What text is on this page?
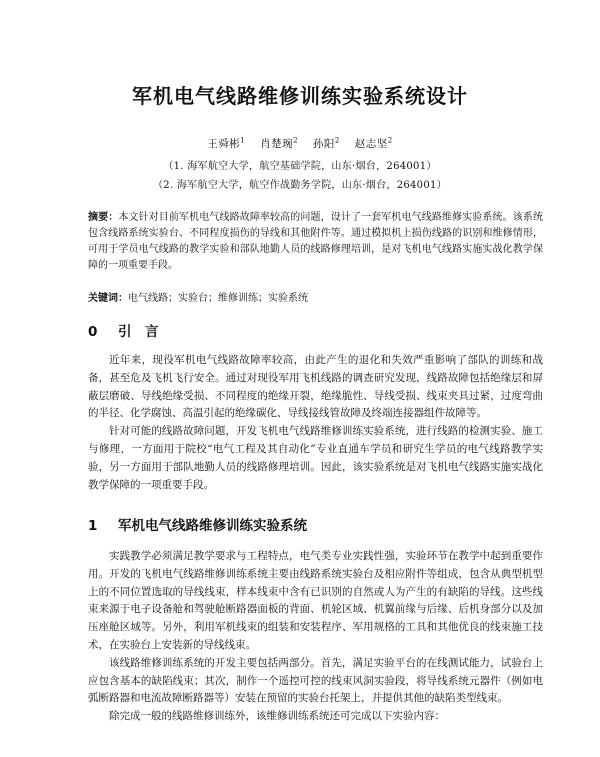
军机电气线路维修训练实验系统设计
王舜彬$^1$　 肖楚琬$^2$　 孙阳$^2$　 赵志坚$^2$
（1. 海军航空大学，航空基础学院，山东·烟台，264001）
（2. 海军航空大学，航空作战勤务学院，山东·烟台，264001）
摘要：本文针对目前军机电气线路故障率较高的问题，设计了一套军机电气线路维修实验系统。该系统包含线路系统实验台、不同程度损伤的导线和其他附件等。通过模拟机上损伤线路的识别和维修情形，可用于学员电气线路的教学实验和部队地勤人员的线路修理培训，是对飞机电气线路实施实战化教学保障的一项重要手段。
关键词：电气线路；实验台；维修训练；实验系统
0 引　言

近年来，现役军机电气线路故障率较高，由此产生的退化和失效严重影响了部队的训练和战备，甚至危及飞机飞行安全。通过对现役军用飞机线路的调查研究发现，线路故障包括绝缘层和屏蔽层磨破、导线绝缘受损、不同程度的绝缘开裂，绝缘脆性、导线受损、线束夹具过紧，过度弯曲的半径、化学腐蚀、高温引起的绝缘碳化、导线接线管故障及终端连接器组件故障等。

针对可能的线路故障问题，开发飞机电气线路维修训练实验系统，进行线路的检测实验、施工与修理，一方面用于院校“电气工程及其自动化”专业直通车学员和研究生学员的电气线路教学实验，另一方面用于部队地勤人员的线路修理培训。因此，该实验系统是对飞机电气线路实施实战化教学保障的一项重要手段。

1 军机电气线路维修训练实验系统

实践教学必须满足教学要求与工程特点，电气类专业实践性强，实验环节在教学中起到重要作用。开发的飞机电气线路维修训练系统主要由线路系统实验台及相应附件等组成，包含从典型机型上的不同位置选取的导线线束，样本线束中含有已识别的自然或人为产生的有缺陷的导线。这些线束来源于电子设备舱和驾驶舱断路器面板的背面、机轮区域、机翼前缘与后缘、后机身部分以及加压座舱区域等。另外，利用军机线束的组装和安装程序、军用规格的工具和其他优良的线束施工技术，在实验台上安装新的导线线束。

该线路维修训练系统的开发主要包括两部分。首先，满足实验平台的在线测试能力，试验台上应包含基本的缺陷线束；其次，制作一个遥控可控的线束风洞实验段，将导线系统元器件（例如电弧断路器和电流故障断路器等）安装在预留的实验台托架上，并提供其他的缺陷类型线束。

除完成一般的线路维修训练外，该维修训练系统还可完成以下实验内容：
